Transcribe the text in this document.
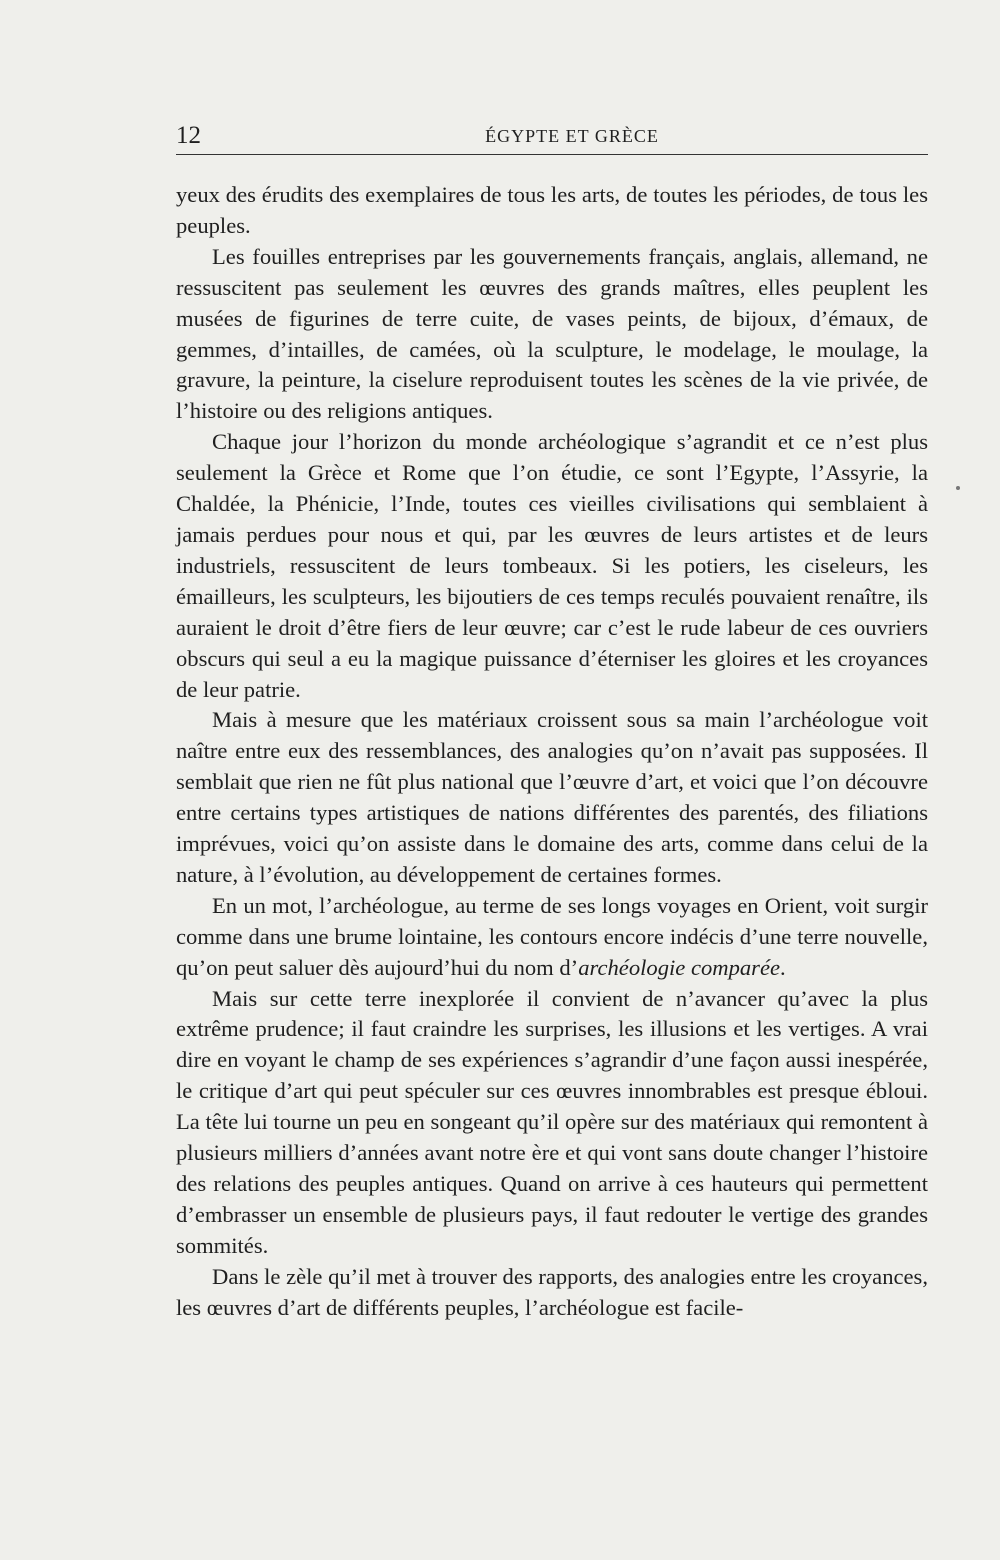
12	ÉGYPTE ET GRÈCE

yeux des érudits des exemplaires de tous les arts, de toutes les périodes, de tous les peuples.

Les fouilles entreprises par les gouvernements français, anglais, allemand, ne ressuscitent pas seulement les œuvres des grands maîtres, elles peuplent les musées de figurines de terre cuite, de vases peints, de bijoux, d’émaux, de gemmes, d’intailles, de camées, où la sculpture, le modelage, le moulage, la gravure, la peinture, la ciselure reproduisent toutes les scènes de la vie privée, de l’histoire ou des religions antiques.

Chaque jour l’horizon du monde archéologique s’agrandit et ce n’est plus seulement la Grèce et Rome que l’on étudie, ce sont l’Egypte, l’Assyrie, la Chaldée, la Phénicie, l’Inde, toutes ces vieilles civilisations qui semblaient à jamais perdues pour nous et qui, par les œuvres de leurs artistes et de leurs industriels, ressuscitent de leurs tombeaux. Si les potiers, les ciseleurs, les émailleurs, les sculpteurs, les bijoutiers de ces temps reculés pouvaient renaître, ils auraient le droit d’être fiers de leur œuvre; car c’est le rude labeur de ces ouvriers obscurs qui seul a eu la magique puissance d’éterniser les gloires et les croyances de leur patrie.

Mais à mesure que les matériaux croissent sous sa main l’archéologue voit naître entre eux des ressemblances, des analogies qu’on n’avait pas supposées. Il semblait que rien ne fût plus national que l’œuvre d’art, et voici que l’on découvre entre certains types artistiques de nations différentes des parentés, des filiations imprévues, voici qu’on assiste dans le domaine des arts, comme dans celui de la nature, à l’évolution, au développement de certaines formes.

En un mot, l’archéologue, au terme de ses longs voyages en Orient, voit surgir comme dans une brume lointaine, les contours encore indécis d’une terre nouvelle, qu’on peut saluer dès aujourd’hui du nom d’archéologie comparée.

Mais sur cette terre inexplorée il convient de n’avancer qu’avec la plus extrême prudence; il faut craindre les surprises, les illusions et les vertiges. A vrai dire en voyant le champ de ses expériences s’agrandir d’une façon aussi inespérée, le critique d’art qui peut spéculer sur ces œuvres innombrables est presque ébloui. La tête lui tourne un peu en songeant qu’il opère sur des matériaux qui remontent à plusieurs milliers d’années avant notre ère et qui vont sans doute changer l’histoire des relations des peuples antiques. Quand on arrive à ces hauteurs qui permettent d’embrasser un ensemble de plusieurs pays, il faut redouter le vertige des grandes sommités.

Dans le zèle qu’il met à trouver des rapports, des analogies entre les croyances, les œuvres d’art de différents peuples, l’archéologue est facile-
